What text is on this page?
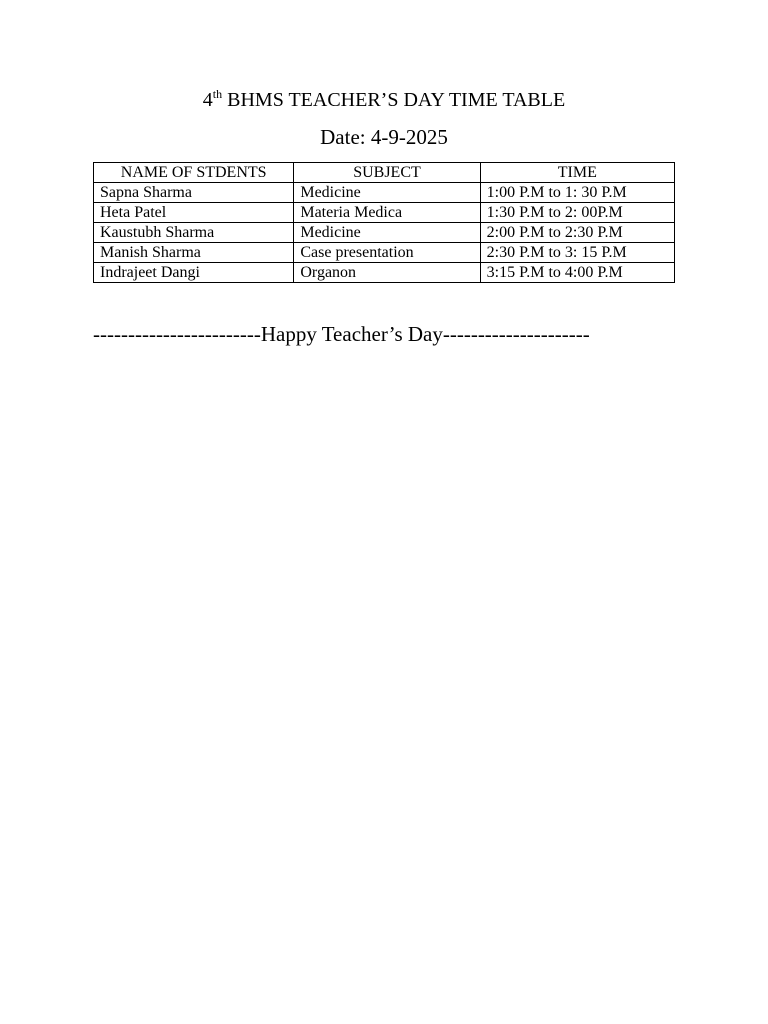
4th BHMS TEACHER’S DAY TIME TABLE
Date: 4-9-2025
NAME OF STDENTS	SUBJECT	TIME
Sapna Sharma	Medicine	1:00 P.M to 1: 30 P.M
Heta Patel	Materia Medica	1:30 P.M to 2: 00P.M
Kaustubh Sharma	Medicine	2:00 P.M to 2:30 P.M
Manish Sharma	Case presentation	2:30 P.M to 3: 15 P.M
Indrajeet Dangi	Organon	3:15 P.M to 4:00 P.M
------------------------Happy Teacher’s Day---------------------
